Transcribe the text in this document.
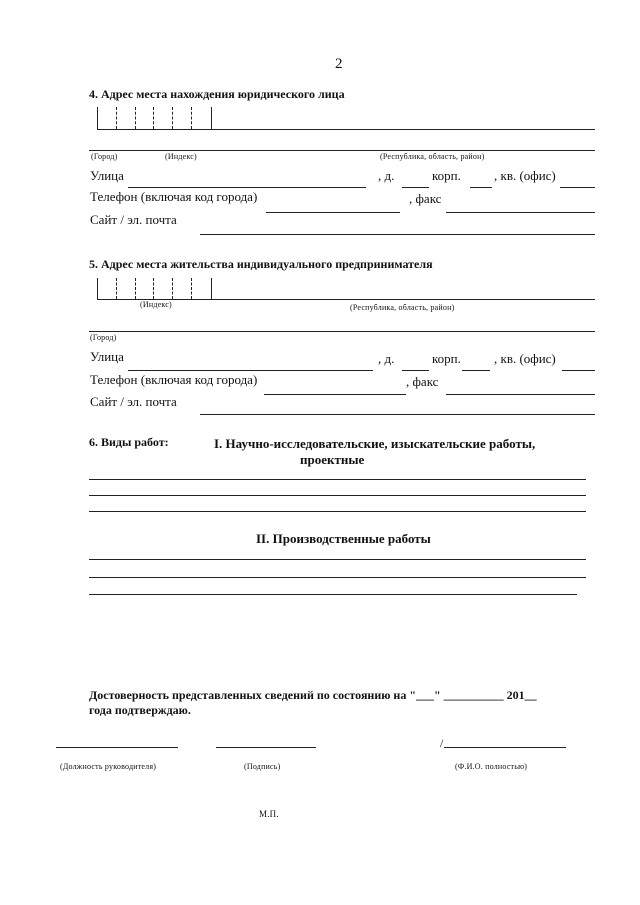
2
4. Адрес места нахождения юридического лица
(Город)	(Индекс)	(Республика, область, район)
Улица	, д.	корп.	, кв. (офис)
Телефон (включая код города)	, факс
Сайт / эл. почта
5. Адрес места жительства индивидуального предпринимателя
(Индекс)	(Республика, область, район)
(Город)
Улица	, д.	корп.	, кв. (офис)
Телефон (включая код города)	, факс
Сайт / эл. почта
6. Виды работ:	I. Научно-исследовательские, изыскательские работы,
проектные
II. Производственные работы
Достоверность представленных сведений по состоянию на "___" __________ 201__
года подтверждаю.
/
(Должность руководителя)	(Подпись)	(Ф.И.О. полностью)
М.П.
